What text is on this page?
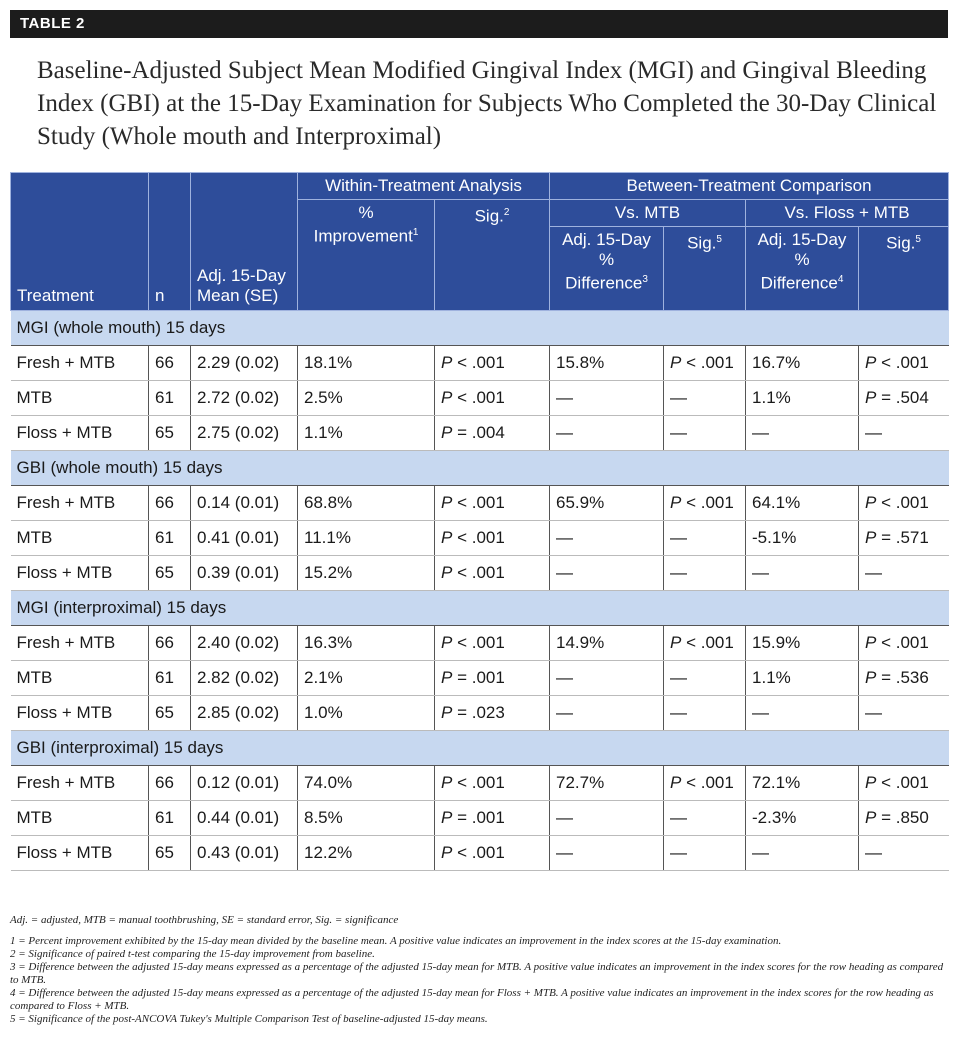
TABLE 2
Baseline-Adjusted Subject Mean Modified Gingival Index (MGI) and Gingival Bleeding Index (GBI) at the 15-Day Examination for Subjects Who Completed the 30-Day Clinical Study (Whole mouth and Interproximal)
Treatment	n	Adj. 15-Day Mean (SE)	Within-Treatment Analysis		Between-Treatment Comparison			
			% Improvement$^1$	Sig.$^2$	Vs. MTB		Vs. Floss + MTB	
					Adj. 15-Day % Difference$^3$	Sig.$^5$	Adj. 15-Day % Difference$^4$	Sig.$^5$
MGI (whole mouth) 15 days								
Fresh + MTB	66	2.29 (0.02)	18.1%	P < .001	15.8%	P < .001	16.7%	P < .001
MTB	61	2.72 (0.02)	2.5%	P < .001	—	—	1.1%	P = .504
Floss + MTB	65	2.75 (0.02)	1.1%	P = .004	—	—	—	—
GBI (whole mouth) 15 days								
Fresh + MTB	66	0.14 (0.01)	68.8%	P < .001	65.9%	P < .001	64.1%	P < .001
MTB	61	0.41 (0.01)	11.1%	P < .001	—	—	-5.1%	P = .571
Floss + MTB	65	0.39 (0.01)	15.2%	P < .001	—	—	—	—
MGI (interproximal) 15 days								
Fresh + MTB	66	2.40 (0.02)	16.3%	P < .001	14.9%	P < .001	15.9%	P < .001
MTB	61	2.82 (0.02)	2.1%	P = .001	—	—	1.1%	P = .536
Floss + MTB	65	2.85 (0.02)	1.0%	P = .023	—	—	—	—
GBI (interproximal) 15 days								
Fresh + MTB	66	0.12 (0.01)	74.0%	P < .001	72.7%	P < .001	72.1%	P < .001
MTB	61	0.44 (0.01)	8.5%	P = .001	—	—	-2.3%	P = .850
Floss + MTB	65	0.43 (0.01)	12.2%	P < .001	—	—	—	—

Adj. = adjusted, MTB = manual toothbrushing, SE = standard error, Sig. = significance

1 = Percent improvement exhibited by the 15-day mean divided by the baseline mean. A positive value indicates an improvement in the index scores at the 15-day examination.

2 = Significance of paired t-test comparing the 15-day improvement from baseline.

3 = Difference between the adjusted 15-day means expressed as a percentage of the adjusted 15-day mean for MTB. A positive value indicates an improvement in the index scores for the row heading as compared to MTB.

4 = Difference between the adjusted 15-day means expressed as a percentage of the adjusted 15-day mean for Floss + MTB. A positive value indicates an improvement in the index scores for the row heading as compared to Floss + MTB.

5 = Significance of the post-ANCOVA Tukey's Multiple Comparison Test of baseline-adjusted 15-day means.
